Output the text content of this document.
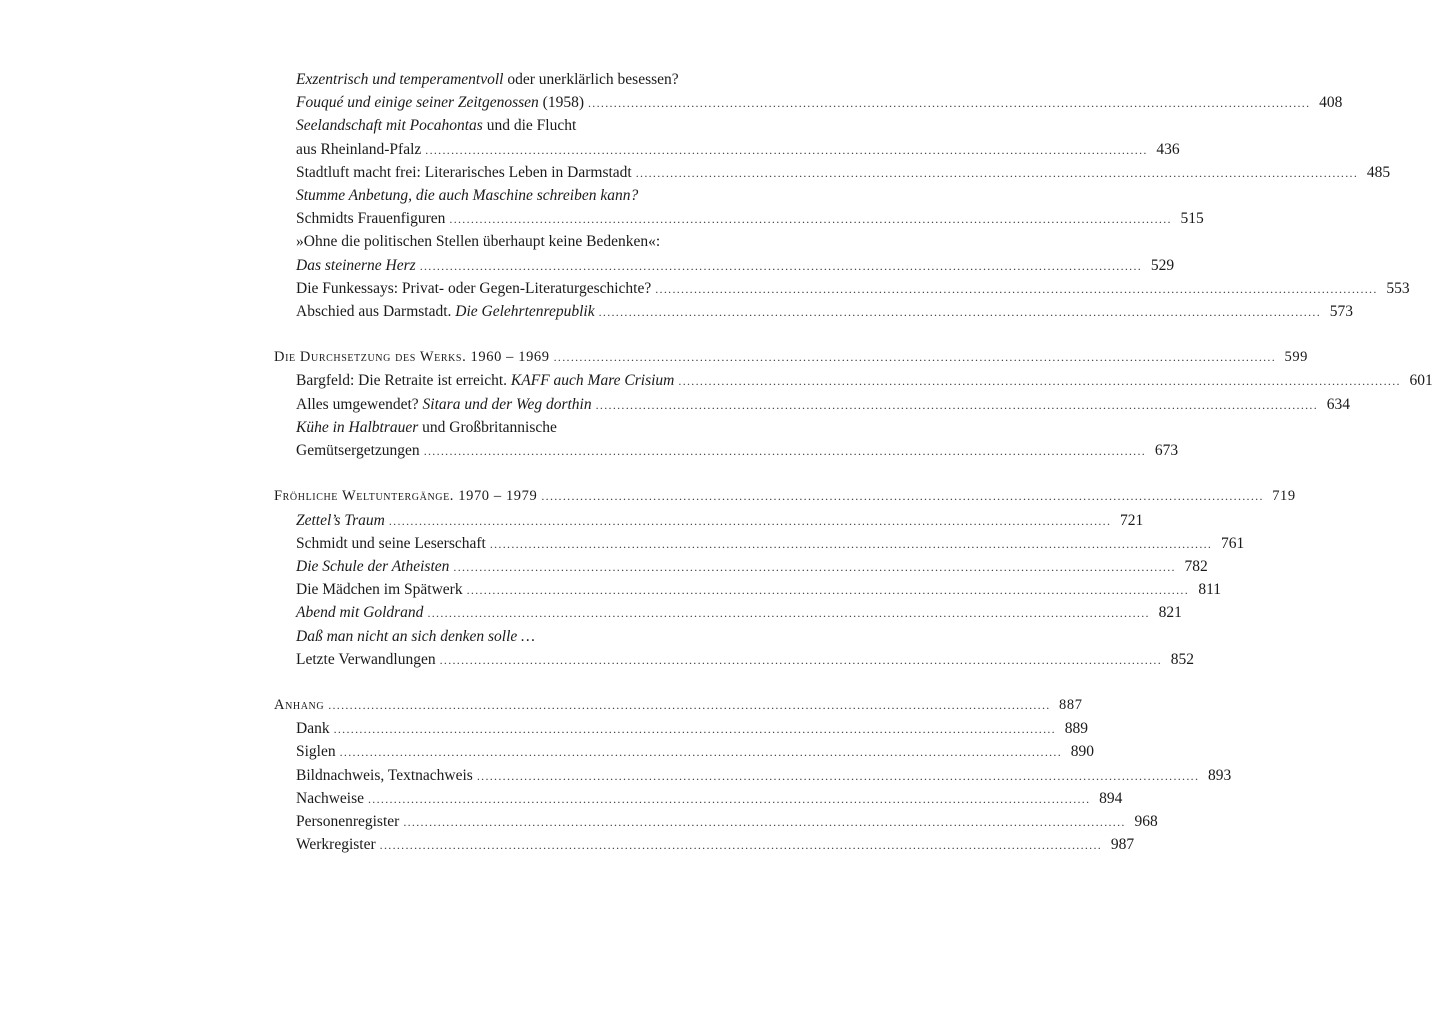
Exzentrisch und temperamentvoll oder unerklärlich besessen?
Fouqué und einige seiner Zeitgenossen (1958) .....	408
Seelandschaft mit Pocahontas und die Flucht
aus Rheinland-Pfalz .....	436
Stadtluft macht frei: Literarisches Leben in Darmstadt .....	485
Stumme Anbetung, die auch Maschine schreiben kann?
Schmidts Frauenfiguren .....	515
»Ohne die politischen Stellen überhaupt keine Bedenken«:
Das steinerne Herz .....	529
Die Funkessays: Privat- oder Gegen-Literaturgeschichte? .....	553
Abschied aus Darmstadt. Die Gelehrtenrepublik .....	573
Die Durchsetzung des Werks. 1960 – 1969 .....	599
Bargfeld: Die Retraite ist erreicht. KAFF auch Mare Crisium .....	601
Alles umgewendet? Sitara und der Weg dorthin .....	634
Kühe in Halbtrauer und Großbritannische
Gemütsergetzungen .....	673
Fröhliche Weltuntergänge. 1970 – 1979 .....	719
Zettel’s Traum .....	721
Schmidt und seine Leserschaft .....	761
Die Schule der Atheisten .....	782
Die Mädchen im Spätwerk .....	811
Abend mit Goldrand .....	821
Daß man nicht an sich denken solle …
Letzte Verwandlungen .....	852
Anhang .....	887
Dank .....	889
Siglen .....	890
Bildnachweis, Textnachweis .....	893
Nachweise .....	894
Personenregister .....	968
Werkregister .....	987
